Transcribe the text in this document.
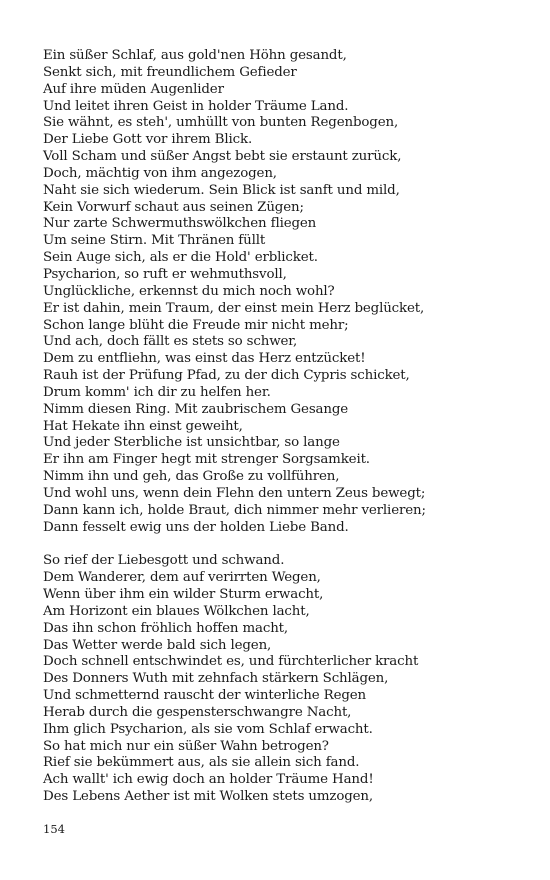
Ein süßer Schlaf, aus gold'nen Höhn gesandt,
Senkt sich, mit freundlichem Gefieder
Auf ihre müden Augenlider
Und leitet ihren Geist in holder Träume Land.
Sie wähnt, es steh', umhüllt von bunten Regenbogen,
Der Liebe Gott vor ihrem Blick.
Voll Scham und süßer Angst bebt sie erstaunt zurück,
Doch, mächtig von ihm angezogen,
Naht sie sich wiederum. Sein Blick ist sanft und mild,
Kein Vorwurf schaut aus seinen Zügen;
Nur zarte Schwermuthswölkchen fliegen
Um seine Stirn. Mit Thränen füllt
Sein Auge sich, als er die Hold' erblicket.
Psycharion, so ruft er wehmuthsvoll,
Unglückliche, erkennst du mich noch wohl?
Er ist dahin, mein Traum, der einst mein Herz beglücket,
Schon lange blüht die Freude mir nicht mehr;
Und ach, doch fällt es stets so schwer,
Dem zu entfliehn, was einst das Herz entzücket!
Rauh ist der Prüfung Pfad, zu der dich Cypris schicket,
Drum komm' ich dir zu helfen her.
Nimm diesen Ring. Mit zaubrischem Gesange
Hat Hekate ihn einst geweiht,
Und jeder Sterbliche ist unsichtbar, so lange
Er ihn am Finger hegt mit strenger Sorgsamkeit.
Nimm ihn und geh, das Große zu vollführen,
Und wohl uns, wenn dein Flehn den untern Zeus bewegt;
Dann kann ich, holde Braut, dich nimmer mehr verlieren;
Dann fesselt ewig uns der holden Liebe Band.
So rief der Liebesgott und schwand.
Dem Wanderer, dem auf verirrten Wegen,
Wenn über ihm ein wilder Sturm erwacht,
Am Horizont ein blaues Wölkchen lacht,
Das ihn schon fröhlich hoffen macht,
Das Wetter werde bald sich legen,
Doch schnell entschwindet es, und fürchterlicher kracht
Des Donners Wuth mit zehnfach stärkern Schlägen,
Und schmetternd rauscht der winterliche Regen
Herab durch die gespensterschwangre Nacht,
Ihm glich Psycharion, als sie vom Schlaf erwacht.
So hat mich nur ein süßer Wahn betrogen?
Rief sie bekümmert aus, als sie allein sich fand.
Ach wallt' ich ewig doch an holder Träume Hand!
Des Lebens Aether ist mit Wolken stets umzogen,
154
